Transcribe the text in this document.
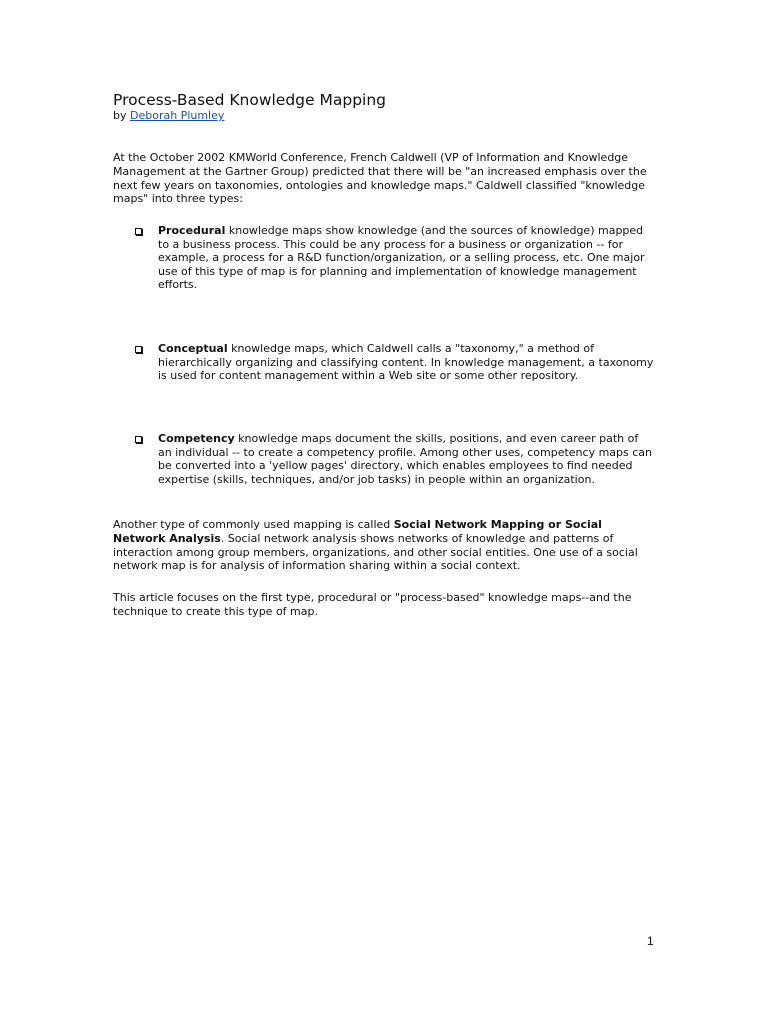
Process-Based Knowledge Mapping
by Deborah Plumley

At the October 2002 KMWorld Conference, French Caldwell (VP of Information and Knowledge Management at the Gartner Group) predicted that there will be "an increased emphasis over the next few years on taxonomies, ontologies and knowledge maps." Caldwell classified "knowledge maps" into three types:

Procedural knowledge maps show knowledge (and the sources of knowledge) mapped to a business process. This could be any process for a business or organization -- for example, a process for a R&D function/organization, or a selling process, etc. One major use of this type of map is for planning and implementation of knowledge management efforts.
Conceptual knowledge maps, which Caldwell calls a "taxonomy," a method of hierarchically organizing and classifying content. In knowledge management, a taxonomy is used for content management within a Web site or some other repository.
Competency knowledge maps document the skills, positions, and even career path of an individual -- to create a competency profile. Among other uses, competency maps can be converted into a 'yellow pages' directory, which enables employees to find needed expertise (skills, techniques, and/or job tasks) in people within an organization.

Another type of commonly used mapping is called Social Network Mapping or Social Network Analysis. Social network analysis shows networks of knowledge and patterns of interaction among group members, organizations, and other social entities. One use of a social network map is for analysis of information sharing within a social context.

This article focuses on the first type, procedural or "process-based" knowledge maps--and the technique to create this type of map.

1
